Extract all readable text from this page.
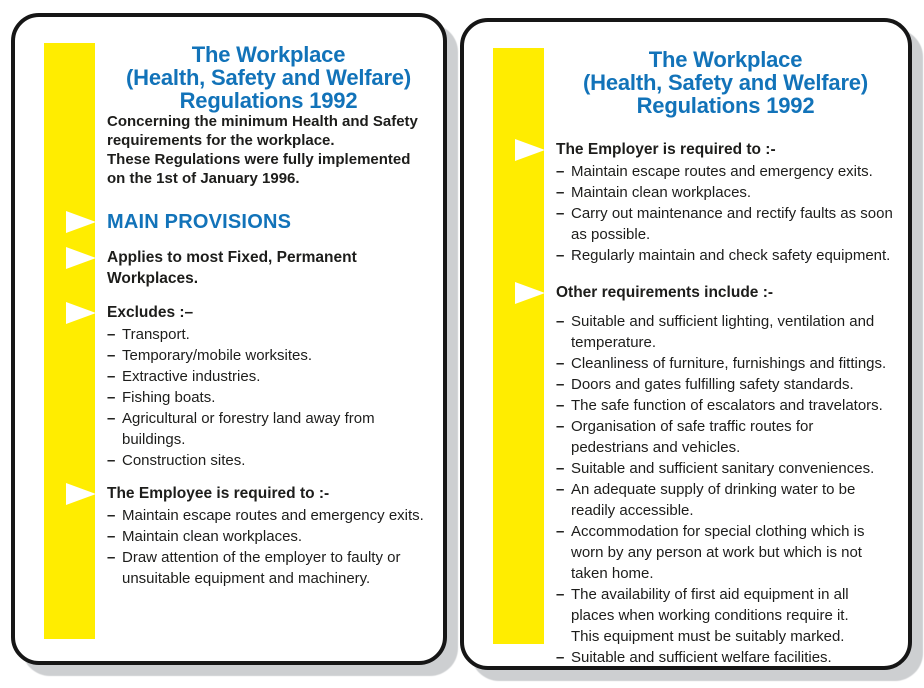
The Workplace
(Health, Safety and Welfare)
Regulations 1992

Concerning the minimum Health and Safety requirements for the workplace.

These Regulations were fully implemented on the 1st of January 1996.

MAIN PROVISIONS
Applies to most Fixed, Permanent Workplaces.
Excludes :–
– Transport.
– Temporary/mobile worksites.
– Extractive industries.
– Fishing boats.
– Agricultural or forestry land away from buildings.
– Construction sites.
The Employee is required to :-
– Maintain escape routes and emergency exits.
– Maintain clean workplaces.
– Draw attention of the employer to faulty or unsuitable equipment and machinery.
The Workplace
(Health, Safety and Welfare)
Regulations 1992
The Employer is required to :-
– Maintain escape routes and emergency exits.
– Maintain clean workplaces.
– Carry out maintenance and rectify faults as soon as possible.
– Regularly maintain and check safety equipment.
Other requirements include :-
– Suitable and sufficient lighting, ventilation and temperature.
– Cleanliness of furniture, furnishings and fittings.
– Doors and gates fulfilling safety standards.
– The safe function of escalators and travelators.
– Organisation of safe traffic routes for pedestrians and vehicles.
– Suitable and sufficient sanitary conveniences.
– An adequate supply of drinking water to be readily accessible.
– Accommodation for special clothing which is worn by any person at work but which is not taken home.
– The availability of first aid equipment in all places when working conditions require it.
This equipment must be suitably marked.
– Suitable and sufficient welfare facilities.
